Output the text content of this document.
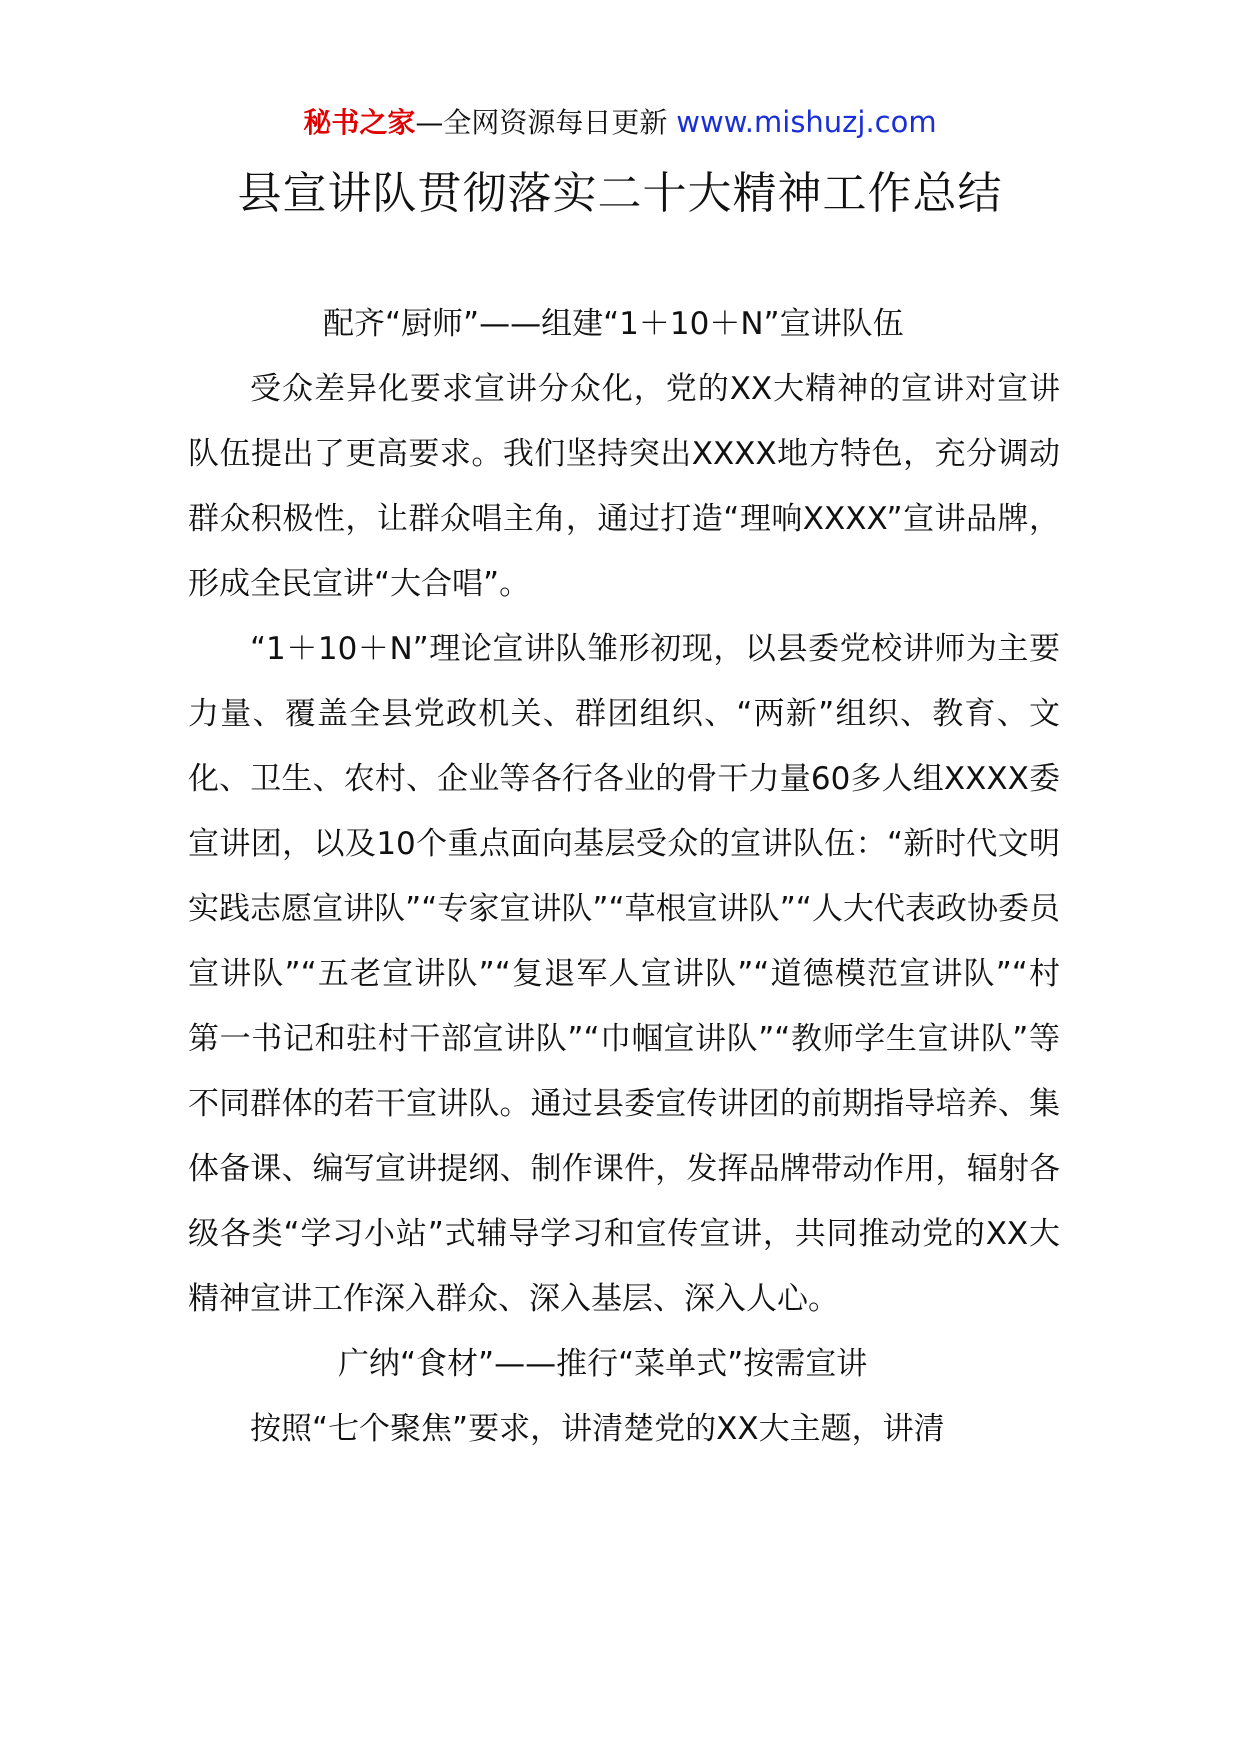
秘书之家—全网资源每日更新 www.mishuzj.com
县宣讲队贯彻落实二十大精神工作总结

配齐“厨师”——组建“1＋10＋N”宣讲队伍

受众差异化要求宣讲分众化，党的XX大精神的宣讲对宣讲队伍提出了更高要求。我们坚持突出XXXX地方特色，充分调动群众积极性，让群众唱主角，通过打造“理响XXXX”宣讲品牌，形成全民宣讲“大合唱”。

“1＋10＋N”理论宣讲队雏形初现，以县委党校讲师为主要力量、覆盖全县党政机关、群团组织、“两新”组织、教育、文化、卫生、农村、企业等各行各业的骨干力量60多人组XXXX委宣讲团，以及10个重点面向基层受众的宣讲队伍：“新时代文明实践志愿宣讲队”“专家宣讲队”“草根宣讲队”“人大代表政协委员宣讲队”“五老宣讲队”“复退军人宣讲队”“道德模范宣讲队”“村第一书记和驻村干部宣讲队”“巾帼宣讲队”“教师学生宣讲队”等不同群体的若干宣讲队。通过县委宣传讲团的前期指导培养、集体备课、编写宣讲提纲、制作课件，发挥品牌带动作用，辐射各级各类“学习小站”式辅导学习和宣传宣讲，共同推动党的XX大精神宣讲工作深入群众、深入基层、深入人心。

广纳“食材”——推行“菜单式”按需宣讲

按照“七个聚焦”要求，讲清楚党的XX大主题，讲清
